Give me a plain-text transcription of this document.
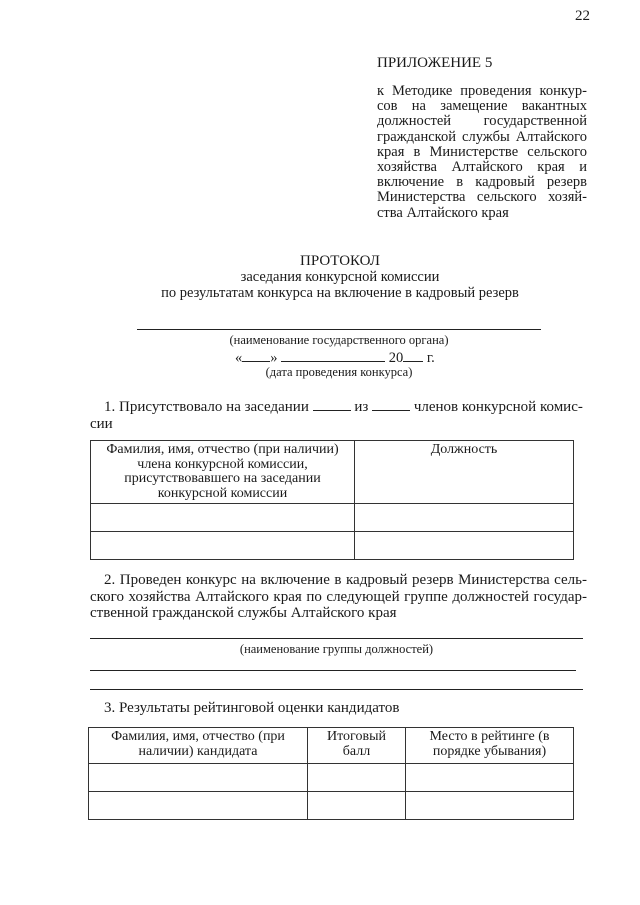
22
ПРИЛОЖЕНИЕ 5
к Методике проведения конкур-
сов на замещение вакантных
должностей государственной
гражданской службы Алтайского
края в Министерстве сельского
хозяйства Алтайского края и
включение в кадровый резерв
Министерства сельского хозяй-
ства Алтайского края
ПРОТОКОЛ
заседания конкурсной комиссии
по результатам конкурса на включение в кадровый резерв
(наименование государственного органа)
« »	20 г.
(дата проведения конкурса)
1. Присутствовало на заседании	из	членов конкурсной комис-
сии
Фамилия, имя, отчество (при наличии) члена конкурсной комиссии, присутствовавшего на заседании конкурсной комиссии	Должность

2. Проведен конкурс на включение в кадровый резерв Министерства сель-
ского хозяйства Алтайского края по следующей группе должностей государ-
ственной гражданской службы Алтайского края
(наименование группы должностей)
3. Результаты рейтинговой оценки кандидатов
Фамилия, имя, отчество (при наличии) кандидата	Итоговый балл	Место в рейтинге (в порядке убывания)
